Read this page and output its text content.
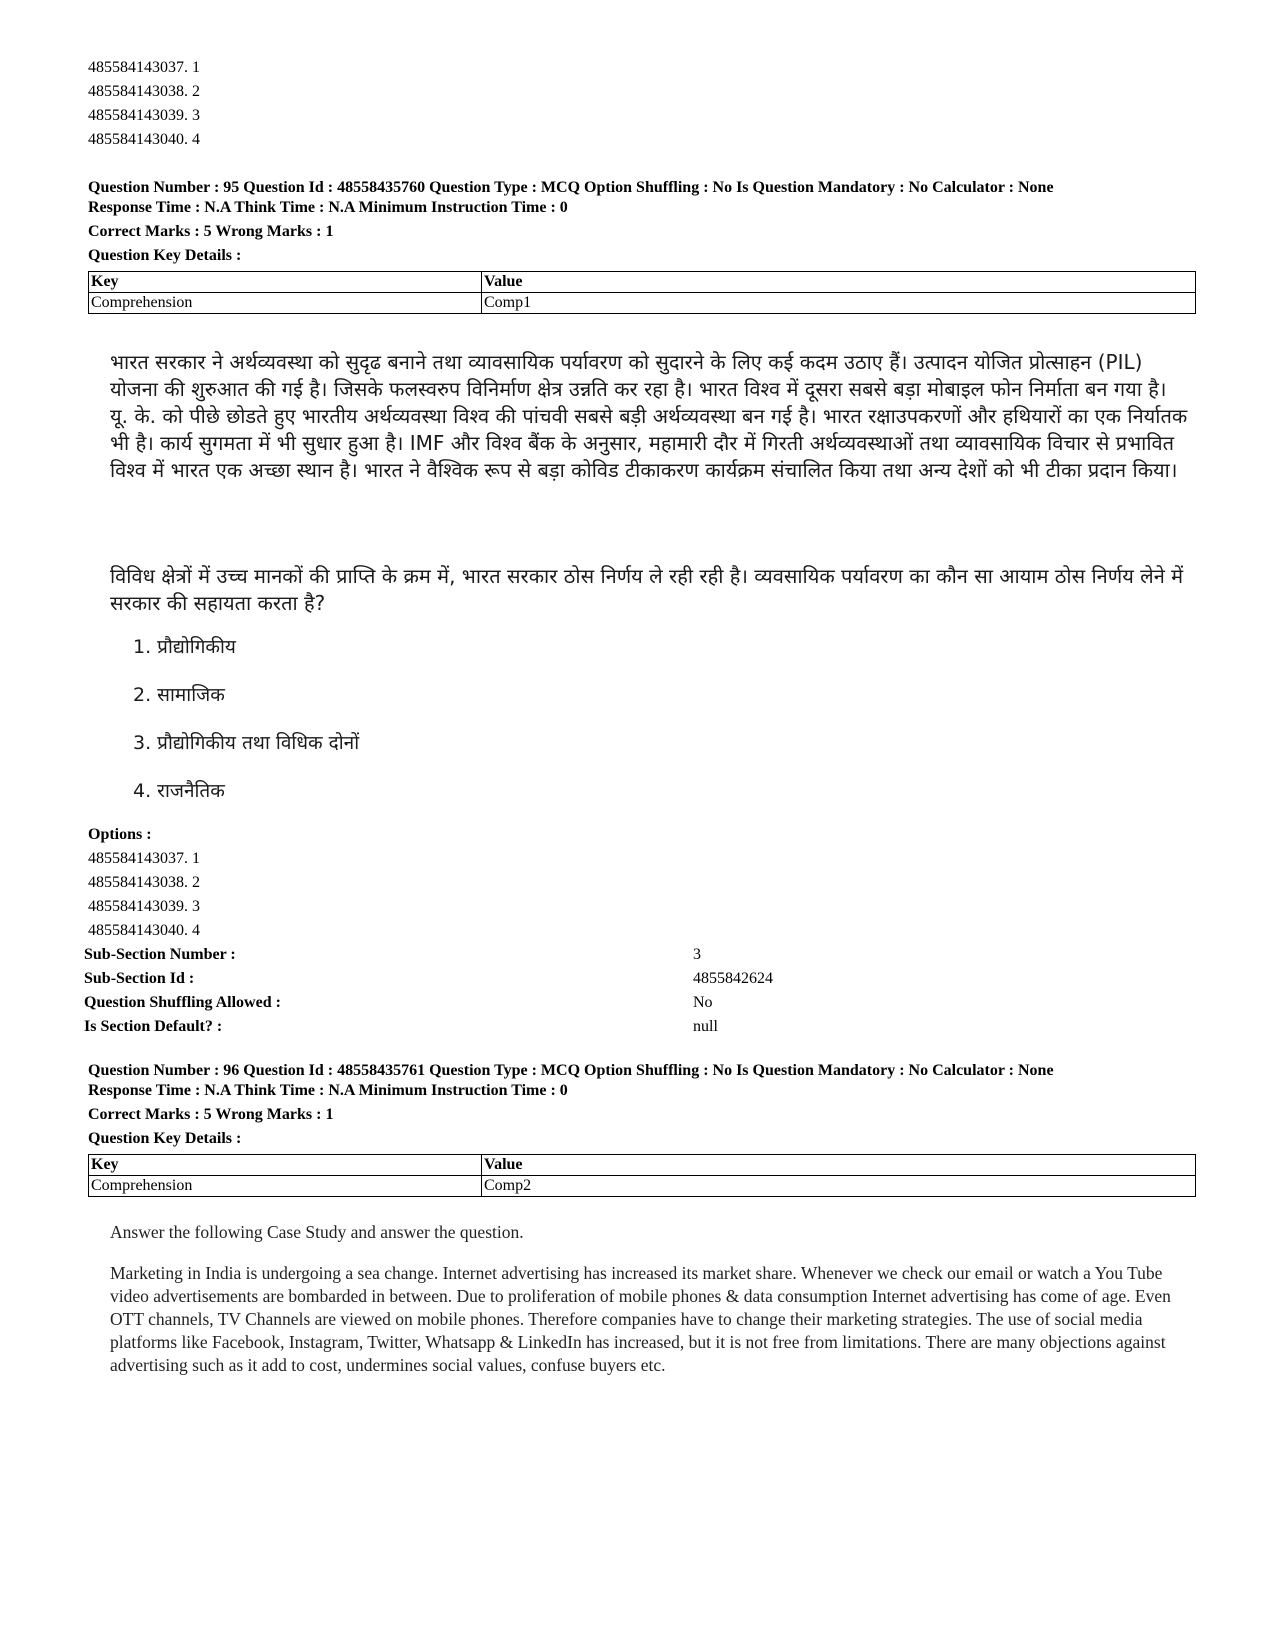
485584143037. 1
485584143038. 2
485584143039. 3
485584143040. 4
Question Number : 95 Question Id : 48558435760 Question Type : MCQ Option Shuffling : No Is Question Mandatory : No Calculator : None
Response Time : N.A Think Time : N.A Minimum Instruction Time : 0
Correct Marks : 5 Wrong Marks : 1
Question Key Details :
Key	Value
Comprehension	Comp1
भारत सरकार ने अर्थव्यवस्था को सुदृढ बनाने तथा व्यावसायिक पर्यावरण को सुदारने के लिए कई कदम उठाए हैं। उत्पादन योजित प्रोत्साहन (PIL) योजना की शुरुआत की गई है। जिसके फलस्वरुप विनिर्माण क्षेत्र उन्नति कर रहा है। भारत विश्व में दूसरा सबसे बड़ा मोबाइल फोन निर्माता बन गया है। यू. के. को पीछे छोडते हुए भारतीय अर्थव्यवस्था विश्व की पांचवी सबसे बड़ी अर्थव्यवस्था बन गई है। भारत रक्षाउपकरणों और हथियारों का एक निर्यातक भी है। कार्य सुगमता में भी सुधार हुआ है। IMF और विश्व बैंक के अनुसार, महामारी दौर में गिरती अर्थव्यवस्थाओं तथा व्यावसायिक विचार से प्रभावित विश्व में भारत एक अच्छा स्थान है। भारत ने वैश्विक रूप से बड़ा कोविड टीकाकरण कार्यक्रम संचालित किया तथा अन्य देशों को भी टीका प्रदान किया।
विविध क्षेत्रों में उच्च मानकों की प्राप्ति के क्रम में, भारत सरकार ठोस निर्णय ले रही रही है। व्यवसायिक पर्यावरण का कौन सा आयाम ठोस निर्णय लेने में सरकार की सहायता करता है?
1. प्रौद्योगिकीय
2. सामाजिक
3. प्रौद्योगिकीय तथा विधिक दोनों
4. राजनैतिक
Options :
485584143037. 1
485584143038. 2
485584143039. 3
485584143040. 4
Sub-Section Number :	3
Sub-Section Id :	4855842624
Question Shuffling Allowed :	No
Is Section Default? :	null
Question Number : 96 Question Id : 48558435761 Question Type : MCQ Option Shuffling : No Is Question Mandatory : No Calculator : None
Response Time : N.A Think Time : N.A Minimum Instruction Time : 0
Correct Marks : 5 Wrong Marks : 1
Question Key Details :
Key	Value
Comprehension	Comp2
Answer the following Case Study and answer the question.
Marketing in India is undergoing a sea change. Internet advertising has increased its market share. Whenever we check our email or watch a You Tube video advertisements are bombarded in between. Due to proliferation of mobile phones & data consumption Internet advertising has come of age. Even OTT channels, TV Channels are viewed on mobile phones. Therefore companies have to change their marketing strategies. The use of social media platforms like Facebook, Instagram, Twitter, Whatsapp & LinkedIn has increased, but it is not free from limitations. There are many objections against advertising such as it add to cost, undermines social values, confuse buyers etc.
